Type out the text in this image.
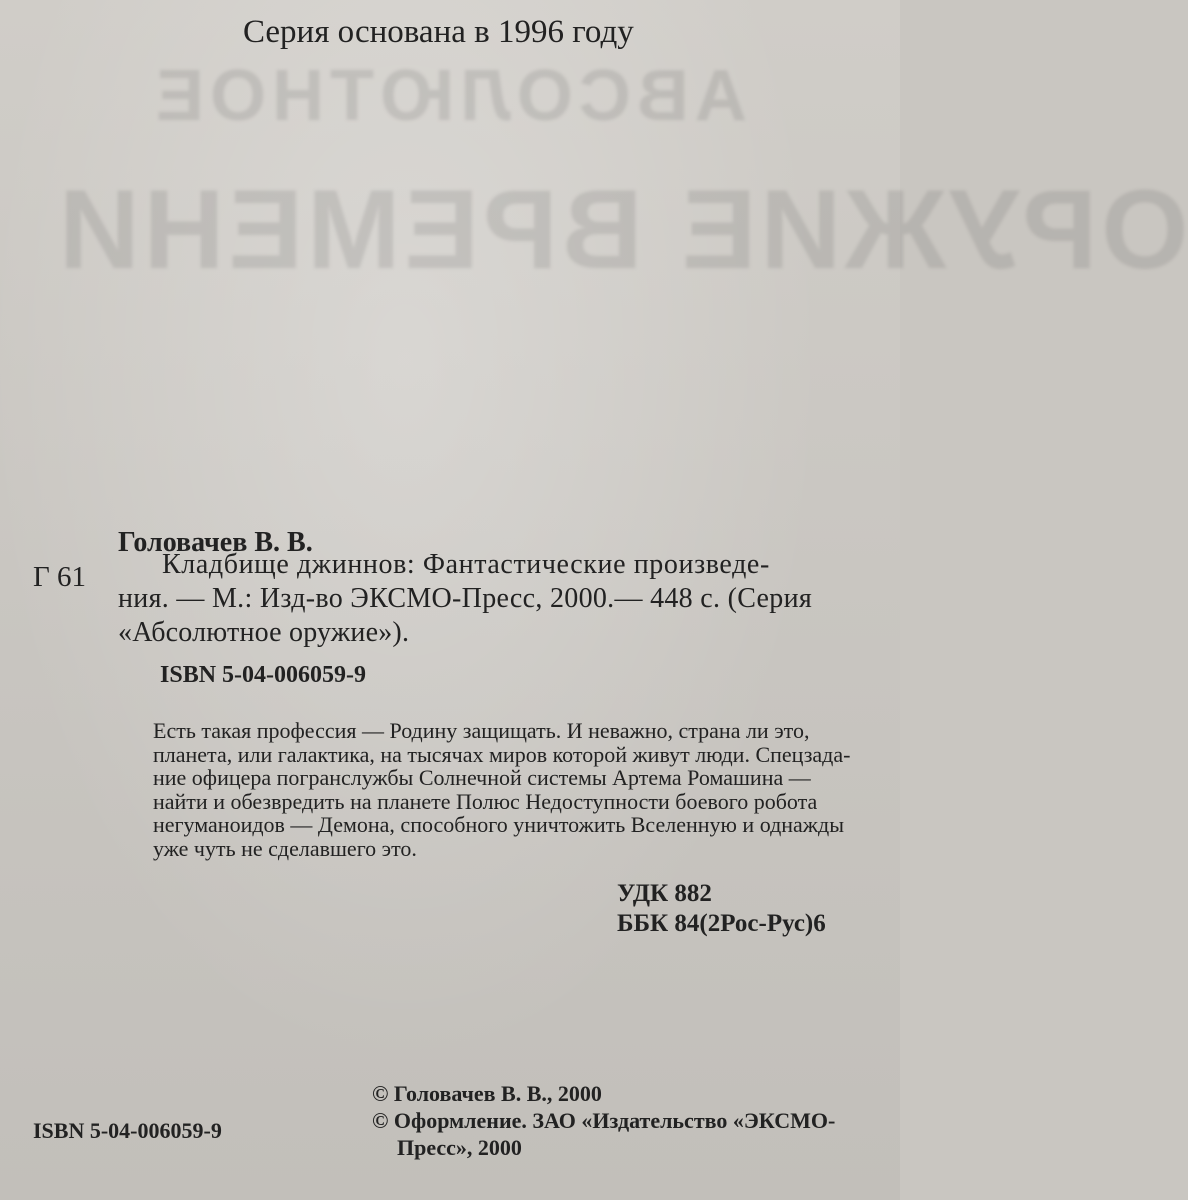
ABCOЛЮTHOE
ОРУЖИЕ ВРЕМЕНИ
Серия основана в 1996 году
Головачев В. В.
Г 61	Кладбище джиннов: Фантастические произведе-
ния. — М.: Изд-во ЭКСМО-Пресс, 2000.— 448 с. (Серия
«Абсолютное оружие»).
ISBN 5-04-006059-9
Есть такая профессия — Родину защищать. И неважно, страна ли это,
планета, или галактика, на тысячах миров которой живут люди. Спецзада-
ние офицера погранслужбы Солнечной системы Артема Ромашина —
найти и обезвредить на планете Полюс Недоступности боевого робота
негуманоидов — Демона, способного уничтожить Вселенную и однажды
уже чуть не сделавшего это.
УДК 882
ББК 84(2Рос-Рус)6
© Головачев В. В., 2000
© Оформление. ЗАО «Издательство «ЭКСМО-
Пресс», 2000
ISBN 5-04-006059-9
